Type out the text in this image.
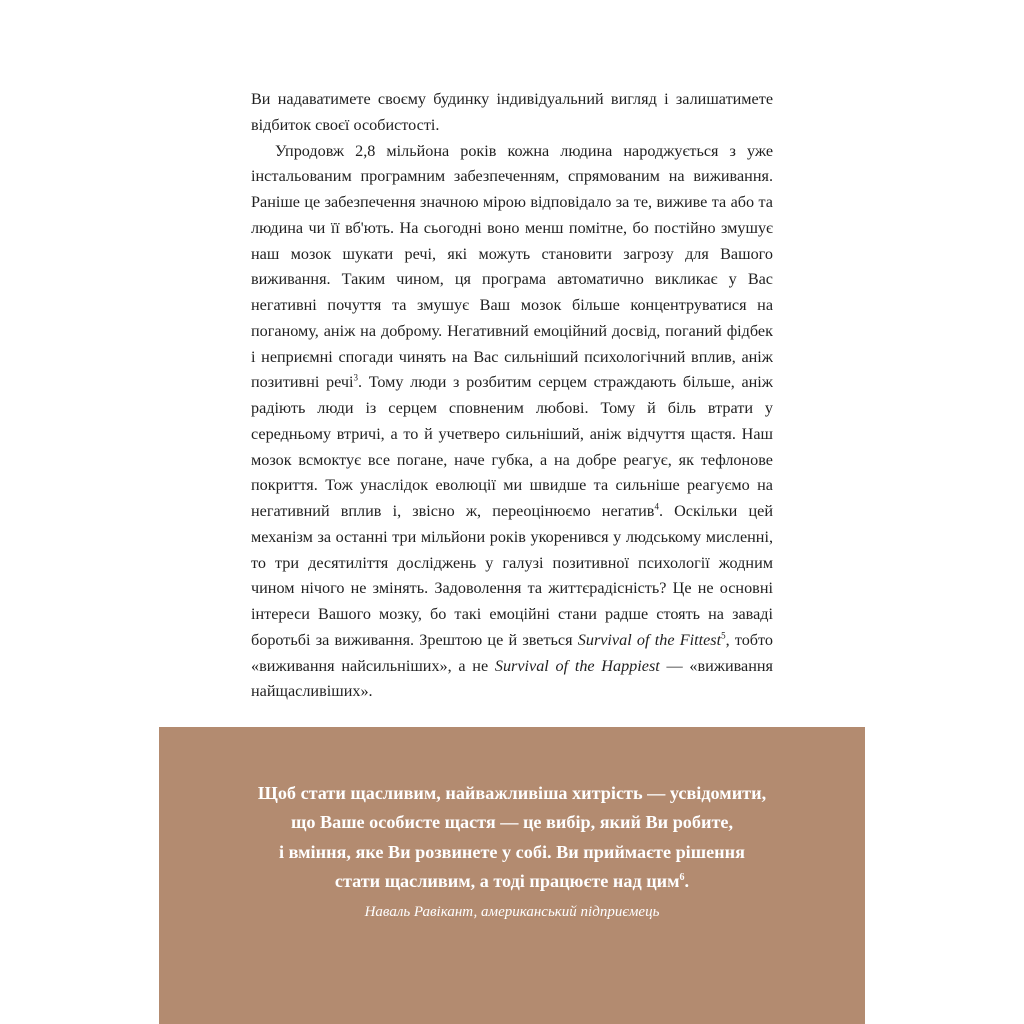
Ви надаватимете своєму будинку індивідуальний вигляд і залишатимете відбиток своєї особистості.

Упродовж 2,8 мільйона років кожна людина народжується з уже інстальованим програмним забезпеченням, спрямованим на виживання. Раніше це забезпечення значною мірою відповідало за те, виживе та або та людина чи її вб'ють. На сьогодні воно менш помітне, бо постійно змушує наш мозок шукати речі, які можуть становити загрозу для Вашого виживання. Таким чином, ця програма автоматично викликає у Вас негативні почуття та змушує Ваш мозок більше концентруватися на поганому, аніж на доброму. Негативний емоційний досвід, поганий фідбек і неприємні спогади чинять на Вас сильніший психологічний вплив, аніж позитивні речі$^3$. Тому люди з розбитим серцем страждають більше, аніж радіють люди із серцем сповненим любові. Тому й біль втрати у середньому втричі, а то й учетверо сильніший, аніж відчуття щастя. Наш мозок всмоктує все погане, наче губка, а на добре реагує, як тефлонове покриття. Тож унаслідок еволюції ми швидше та сильніше реагуємо на негативний вплив і, звісно ж, переоцінюємо негатив$^4$. Оскільки цей механізм за останні три мільйони років укоренився у людському мисленні, то три десятиліття досліджень у галузі позитивної психології жодним чином нічого не змінять. Задоволення та життєрадісність? Це не основні інтереси Вашого мозку, бо такі емоційні стани радше стоять на заваді боротьбі за виживання. Зрештою це й зветься Survival of the Fittest$^5$, тобто «виживання найсильніших», а не Survival of the Happiest — «виживання найщасливіших».

Щоб стати щасливим, найважливіша хитрість — усвідомити,
що Ваше особисте щастя — це вибір, який Ви робите,
і вміння, яке Ви розвинете у собі. Ви приймаєте рішення
стати щасливим, а тоді працюєте над цим$^6$.

Наваль Равікант, американський підприємець
